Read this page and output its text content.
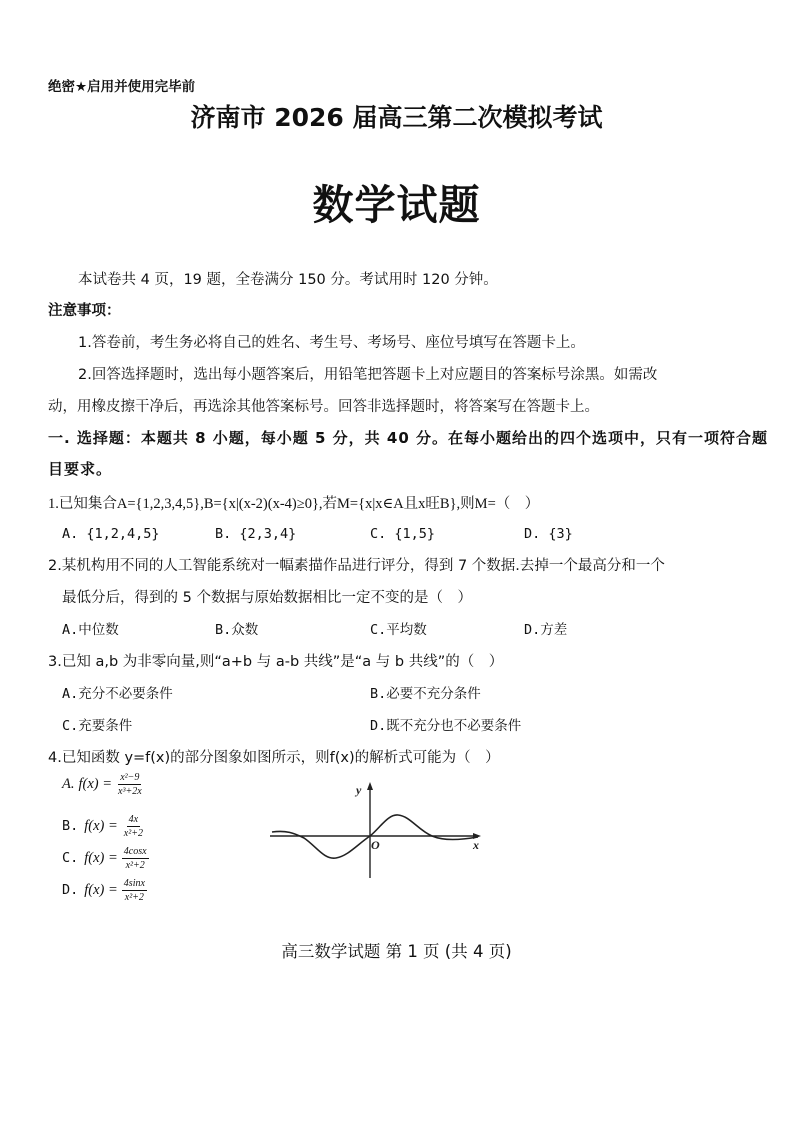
绝密★启用并使用完毕前
济南市 2026 届高三第二次模拟考试
数学试题
本试卷共 4 页，19 题，全卷满分 150 分。考试用时 120 分钟。
注意事项：
1.答卷前，考生务必将自己的姓名、考生号、考场号、座位号填写在答题卡上。
2.回答选择题时，选出每小题答案后，用铅笔把答题卡上对应题目的答案标号涂黑。如需改
动，用橡皮擦干净后，再选涂其他答案标号。回答非选择题时，将答案写在答题卡上。
一. 选择题：本题共 8 小题，每小题 5 分，共 40 分。在每小题给出的四个选项中，只有一项符合题
目要求。
1.已知集合A={1,2,3,4,5},B={x|(x-2)(x-4)≥0},若M={x|x∈A且x旺B},则M=（　）
A. {1,2,4,5}	B. {2,3,4}	C. {1,5}	D. {3}
2.某机构用不同的人工智能系统对一幅素描作品进行评分，得到 7 个数据.去掉一个最高分和一个
最低分后，得到的 5 个数据与原始数据相比一定不变的是（　）
A.中位数	B.众数	C.平均数	D.方差
3.已知 a,b 为非零向量,则“a+b 与 a-b 共线”是“a 与 b 共线”的（　）
A.充分不必要条件	B.必要不充分条件
C.充要条件	D.既不充分也不必要条件
4.已知函数 y=f(x)的部分图象如图所示，则f(x)的解析式可能为（　）
A. $f(x) = \frac{\text{x²−9}}{\text{x³+2x}}$
B. $f(x) = \frac{4x}{\text{x²+2}}$
C. $f(x) = \frac{4\cos x}{\text{x²+2}}$
D. $f(x) = \frac{4\sin x}{\text{x²+2}}$
y
O	x
高三数学试题 第 1 页 (共 4 页)
